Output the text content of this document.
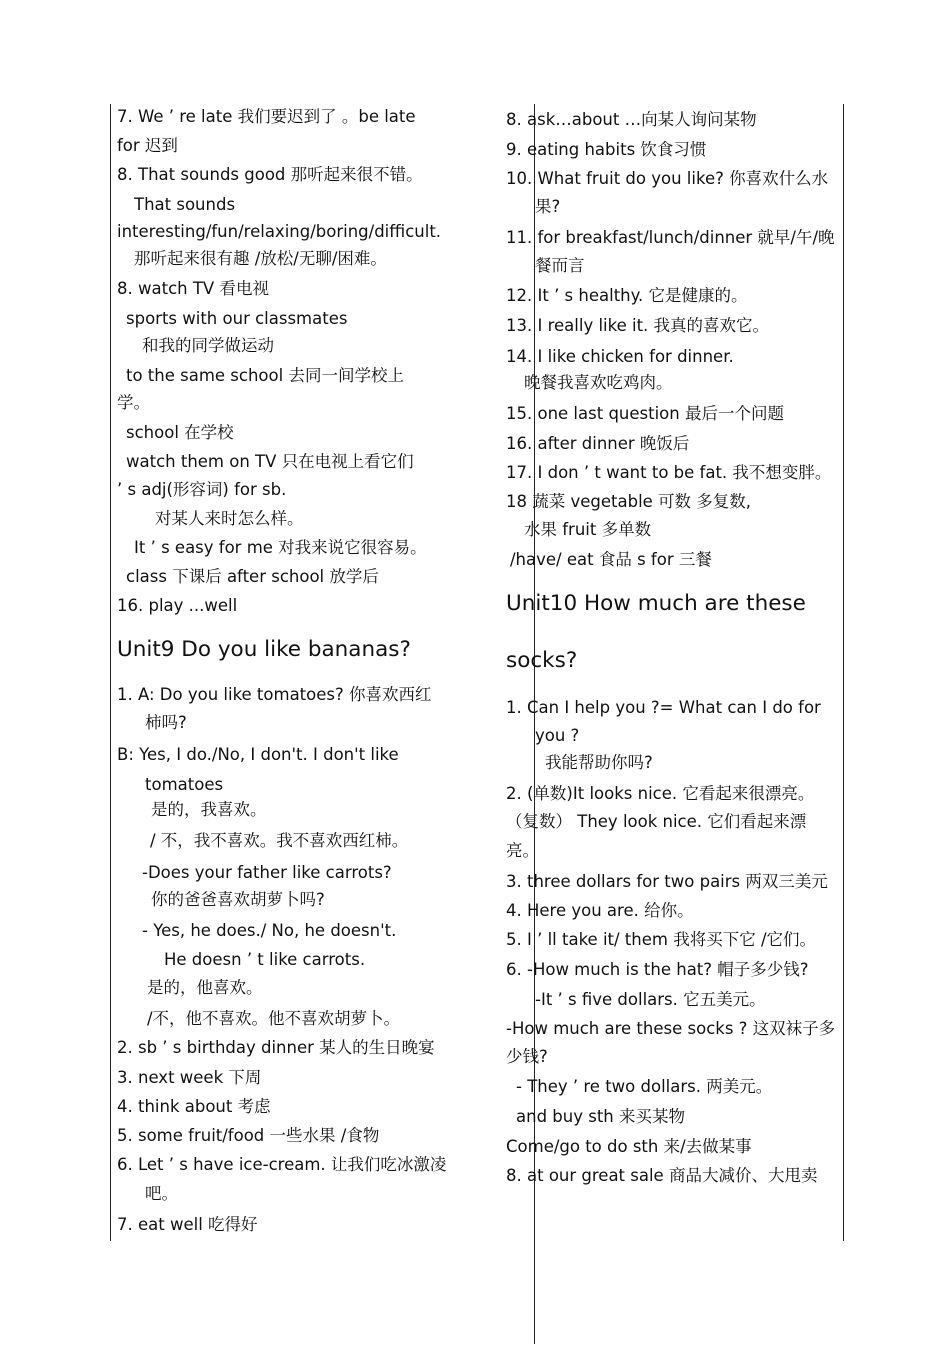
7. We ’ re late 我们要迟到了 。be late
for 迟到
8. That sounds good 那听起来很不错。
That sounds
interesting/fun/relaxing/boring/difficult.
那听起来很有趣 /放松/无聊/困难。
8. watch TV 看电视
sports with our classmates
和我的同学做运动
to the same school 去同一间学校上
学。
school 在学校
watch them on TV 只在电视上看它们
’ s adj(形容词) for sb.
对某人来时怎么样。
It ’ s easy for me 对我来说它很容易。
class 下课后 after school 放学后
16. play ...well
Unit9 Do you like bananas?
1. A: Do you like tomatoes? 你喜欢西红
柿吗?
B: Yes, I do./No, I don't. I don't like
tomatoes
是的，我喜欢。
/ 不，我不喜欢。我不喜欢西红柿。
-Does your father like carrots?
你的爸爸喜欢胡萝卜吗?
- Yes, he does./ No, he doesn't.
He doesn ’ t like carrots.
是的，他喜欢。
/不，他不喜欢。他不喜欢胡萝卜。
2. sb ’ s birthday dinner 某人的生日晚宴
3. next week 下周
4. think about 考虑
5. some fruit/food 一些水果 /食物
6. Let ’ s have ice-cream. 让我们吃冰激凌
吧。
7. eat well 吃得好
8. ask…about …向某人询问某物
9. eating habits 饮食习惯
10. What fruit do you like? 你喜欢什么水
果?
11. for breakfast/lunch/dinner 就早/午/晚
餐而言
12. It ’ s healthy. 它是健康的。
13. I really like it. 我真的喜欢它。
14. I like chicken for dinner.
晚餐我喜欢吃鸡肉。
15. one last question 最后一个问题
16. after dinner 晚饭后
17. I don ’ t want to be fat. 我不想变胖。
18 蔬菜 vegetable 可数 多复数,
水果 fruit 多单数
/have/ eat 食品 s for 三餐
Unit10 How much are these
socks?
1. Can I help you ?= What can I do for
you ?
我能帮助你吗?
2. (单数)It looks nice. 它看起来很漂亮。
（复数） They look nice. 它们看起来漂
亮。
3. three dollars for two pairs 两双三美元
4. Here you are. 给你。
5. I ’ ll take it/ them 我将买下它 /它们。
6. -How much is the hat? 帽子多少钱?
-It ’ s five dollars. 它五美元。
-How much are these socks ? 这双袜子多
少钱?
- They ’ re two dollars. 两美元。
and buy sth 来买某物
Come/go to do sth 来/去做某事
8. at our great sale 商品大减价、大甩卖
